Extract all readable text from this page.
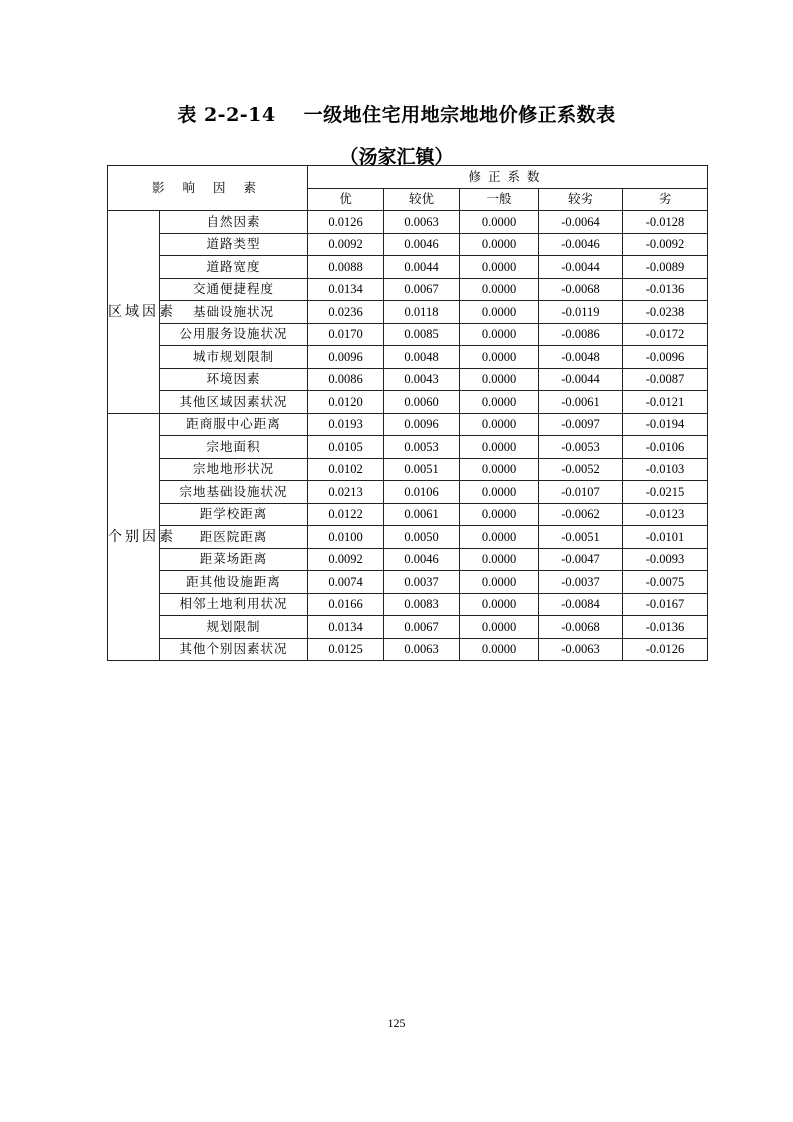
表 2-2-14 一级地住宅用地宗地地价修正系数表
（汤家汇镇）
影 响 因 素		修正系数				
		优	较优	一般	较劣	劣
区域因素	自然因素	0.0126	0.0063	0.0000	-0.0064	-0.0128
	道路类型	0.0092	0.0046	0.0000	-0.0046	-0.0092
	道路宽度	0.0088	0.0044	0.0000	-0.0044	-0.0089
	交通便捷程度	0.0134	0.0067	0.0000	-0.0068	-0.0136
	基础设施状况	0.0236	0.0118	0.0000	-0.0119	-0.0238
	公用服务设施状况	0.0170	0.0085	0.0000	-0.0086	-0.0172
	城市规划限制	0.0096	0.0048	0.0000	-0.0048	-0.0096
	环境因素	0.0086	0.0043	0.0000	-0.0044	-0.0087
	其他区域因素状况	0.0120	0.0060	0.0000	-0.0061	-0.0121
个别因素	距商服中心距离	0.0193	0.0096	0.0000	-0.0097	-0.0194
	宗地面积	0.0105	0.0053	0.0000	-0.0053	-0.0106
	宗地地形状况	0.0102	0.0051	0.0000	-0.0052	-0.0103
	宗地基础设施状况	0.0213	0.0106	0.0000	-0.0107	-0.0215
	距学校距离	0.0122	0.0061	0.0000	-0.0062	-0.0123
	距医院距离	0.0100	0.0050	0.0000	-0.0051	-0.0101
	距菜场距离	0.0092	0.0046	0.0000	-0.0047	-0.0093
	距其他设施距离	0.0074	0.0037	0.0000	-0.0037	-0.0075
	相邻土地利用状况	0.0166	0.0083	0.0000	-0.0084	-0.0167
	规划限制	0.0134	0.0067	0.0000	-0.0068	-0.0136
	其他个别因素状况	0.0125	0.0063	0.0000	-0.0063	-0.0126
125
